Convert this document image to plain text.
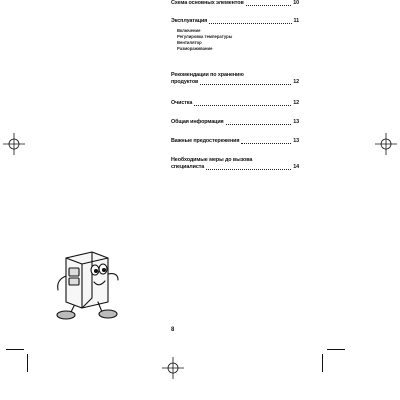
Схема основных элементов	10
Эксплуатация	11
Включение
Регулировка температуры
Вентилятор
Размораживание
Рекомендации по хранению
продуктов	12
Очистка	12
Общая информация	13
Важные предостережения	13
Необходимые меры до вызова
специалиста	14
8
